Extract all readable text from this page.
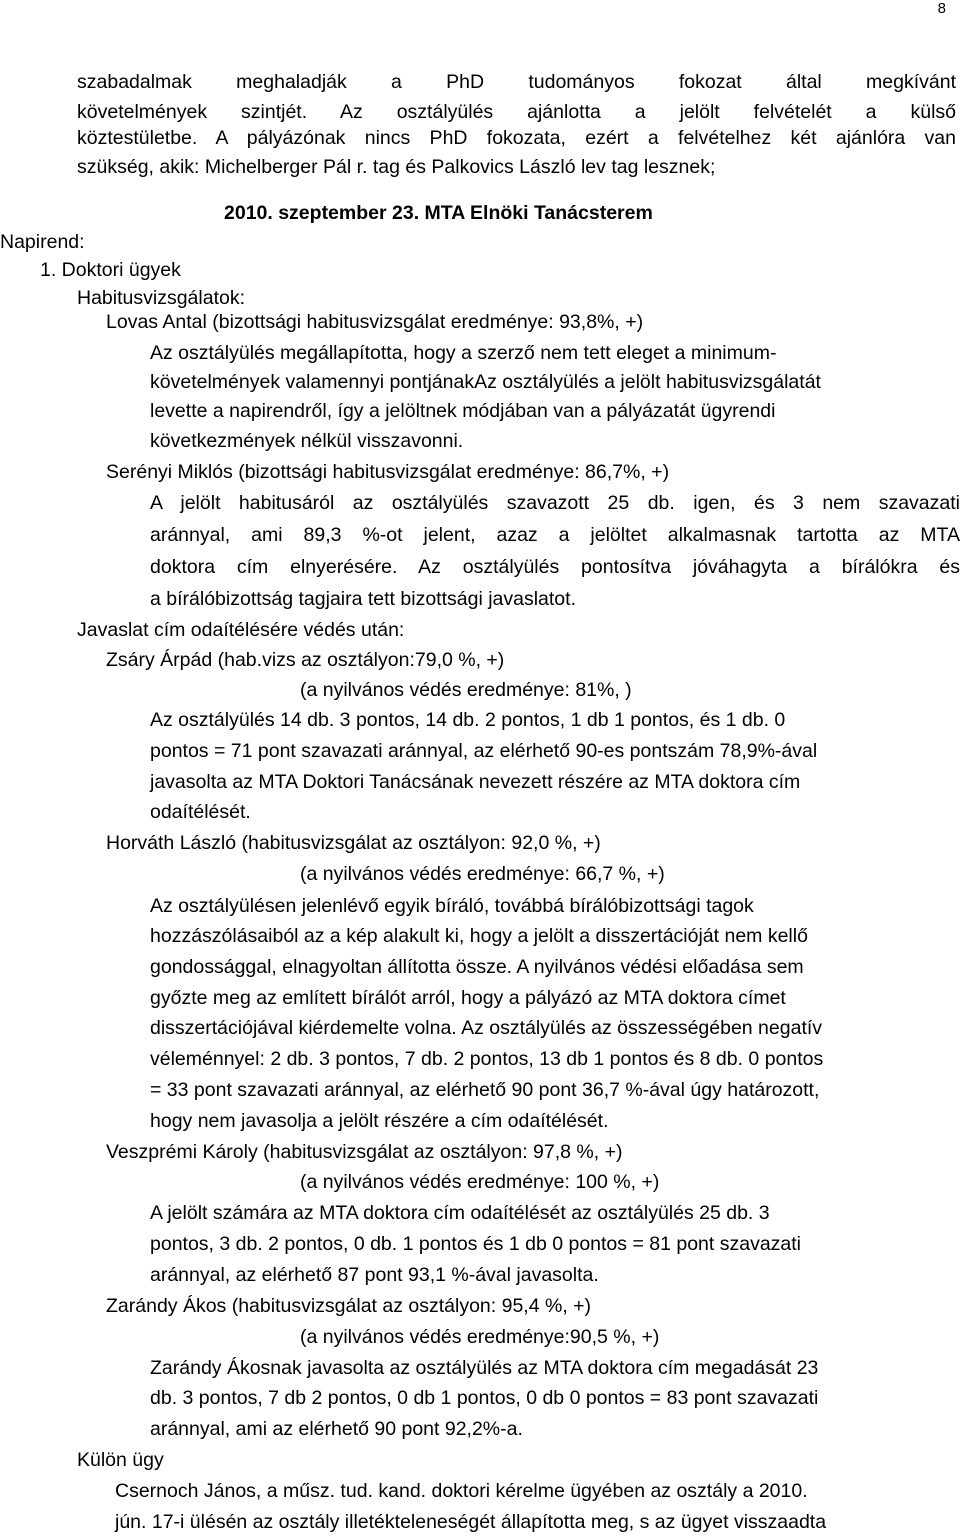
8
szabadalmak meghaladják a PhD tudományos fokozat által megkívánt
követelmények szintjét. Az osztályülés ajánlotta a jelölt felvételét a külső
köztestületbe. A pályázónak nincs PhD fokozata, ezért a felvételhez két ajánlóra van
szükség, akik: Michelberger Pál r. tag és Palkovics László lev tag lesznek;
2010. szeptember 23. MTA Elnöki Tanácsterem
Napirend:
1. Doktori ügyek
Habitusvizsgálatok:
Lovas Antal (bizottsági habitusvizsgálat eredménye: 93,8%, +)
Az osztályülés megállapította, hogy a szerző nem tett eleget a minimum-
követelmények valamennyi pontjánakAz osztályülés a jelölt habitusvizsgálatát
levette a napirendről, így a jelöltnek módjában van a pályázatát ügyrendi
következmények nélkül visszavonni.
Serényi Miklós (bizottsági habitusvizsgálat eredménye: 86,7%, +)
A jelölt habitusáról az osztályülés szavazott 25 db. igen, és 3 nem szavazati
aránnyal, ami 89,3 %-ot jelent, azaz a jelöltet alkalmasnak tartotta az MTA
doktora cím elnyerésére. Az osztályülés pontosítva jóváhagyta a bírálókra és
a bírálóbizottság tagjaira tett bizottsági javaslatot.
Javaslat cím odaítélésére védés után:
Zsáry Árpád (hab.vizs az osztályon:79,0 %, +)
(a nyilvános védés eredménye: 81%, )
Az osztályülés 14 db. 3 pontos, 14 db. 2 pontos, 1 db 1 pontos, és 1 db. 0
pontos = 71 pont szavazati aránnyal, az elérhető 90-es pontszám 78,9%-ával
javasolta az MTA Doktori Tanácsának nevezett részére az MTA doktora cím
odaítélését.
Horváth László (habitusvizsgálat az osztályon: 92,0 %, +)
(a nyilvános védés eredménye: 66,7 %, +)
Az osztályülésen jelenlévő egyik bíráló, továbbá bírálóbizottsági tagok
hozzászólásaiból az a kép alakult ki, hogy a jelölt a disszertációját nem kellő
gondossággal, elnagyoltan állította össze. A nyilvános védési előadása sem
győzte meg az említett bírálót arról, hogy a pályázó az MTA doktora címet
disszertációjával kiérdemelte volna. Az osztályülés az összességében negatív
véleménnyel: 2 db. 3 pontos, 7 db. 2 pontos, 13 db 1 pontos és 8 db. 0 pontos
= 33 pont szavazati aránnyal, az elérhető 90 pont 36,7 %-ával úgy határozott,
hogy nem javasolja a jelölt részére a cím odaítélését.
Veszprémi Károly (habitusvizsgálat az osztályon: 97,8 %, +)
(a nyilvános védés eredménye: 100 %, +)
A jelölt számára az MTA doktora cím odaítélését az osztályülés 25 db. 3
pontos, 3 db. 2 pontos, 0 db. 1 pontos és 1 db 0 pontos = 81 pont szavazati
aránnyal, az elérhető 87 pont 93,1 %-ával javasolta.
Zarándy Ákos (habitusvizsgálat az osztályon: 95,4 %, +)
(a nyilvános védés eredménye:90,5 %, +)
Zarándy Ákosnak javasolta az osztályülés az MTA doktora cím megadását 23
db. 3 pontos, 7 db 2 pontos, 0 db 1 pontos, 0 db 0 pontos = 83 pont szavazati
aránnyal, ami az elérhető 90 pont 92,2%-a.
Külön ügy
Csernoch János, a műsz. tud. kand. doktori kérelme ügyében az osztály a 2010.
jún. 17-i ülésén az osztály illetékteleneségét állapította meg, s az ügyet visszaadta
